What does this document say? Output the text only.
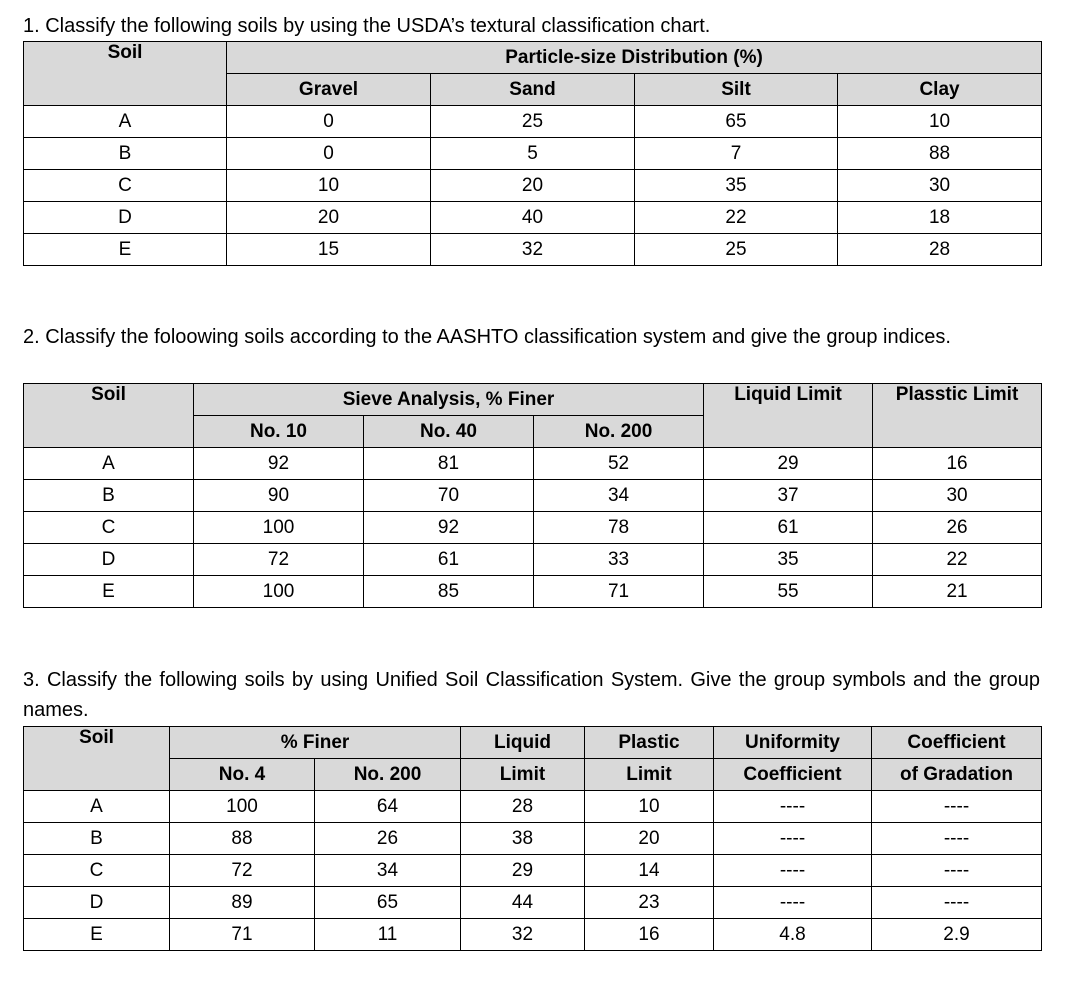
1. Classify the following soils by using the USDA’s textural classification chart.

Soil	Particle-size Distribution (%)			
	Gravel	Sand	Silt	Clay
A	0	25	65	10
B	0	5	7	88
C	10	20	35	30
D	20	40	22	18
E	15	32	25	28

2. Classify the foloowing soils according to the AASHTO classification system and give the group indices.

Soil	Sieve Analysis, % Finer			Liquid Limit	Plasstic Limit
	No. 10	No. 40	No. 200		
A	92	81	52	29	16
B	90	70	34	37	30
C	100	92	78	61	26
D	72	61	33	35	22
E	100	85	71	55	21

3. Classify the following soils by using Unified Soil Classification System. Give the group symbols and the group names.

Soil	% Finer		Liquid	Plastic	Uniformity	Coefficient
	No. 4	No. 200	Limit	Limit	Coefficient	of Gradation
A	100	64	28	10	----	----
B	88	26	38	20	----	----
C	72	34	29	14	----	----
D	89	65	44	23	----	----
E	71	11	32	16	4.8	2.9
